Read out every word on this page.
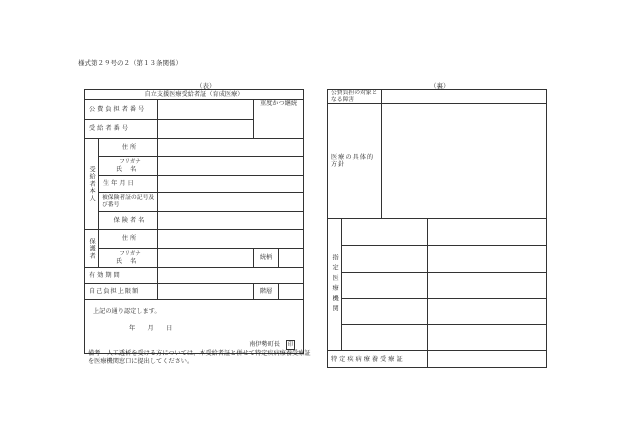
様式第２９号の２（第１３条関係）
（表）
自立支援医療受給者証（育成医療）				
公費負担者番号			重度かつ継続	
受給者番号				
受給者本人	住所			

	フリガナ
氏名			

	生年月日			
	被保険者証の記号及び番号			
	保険者名			
保護者	住所			

	フリガナ
氏名		続柄	
有効期間				
自己負担上限額			階層	

上記の通り認定します。
年　　月　　日
南伊勢町長 印				
備考　 人工透析を受ける方については、本受給者証と併せて特定疾病療養受療証を医療機関窓口に提出してください。
（裏）
公費負担の対象となる障害			
医療の具体的方針			
指定医療機関			

特定疾病療養受療証			
